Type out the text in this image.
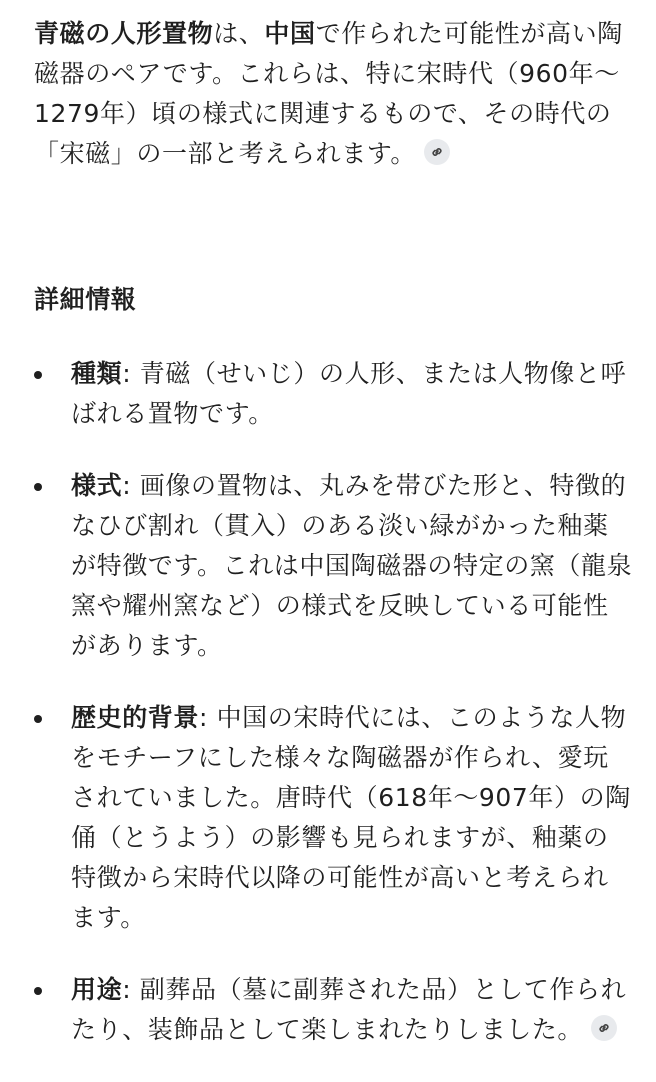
青磁の人形置物は、中国で作られた可能性が高い陶磁器のペアです。これらは、特に宋時代（960年〜1279年）頃の様式に関連するもので、その時代の「宋磁」の一部と考えられます。

詳細情報
種類: 青磁（せいじ）の人形、または人物像と呼ばれる置物です。
様式: 画像の置物は、丸みを帯びた形と、特徴的なひび割れ（貫入）のある淡い緑がかった釉薬が特徴です。これは中国陶磁器の特定の窯（龍泉窯や耀州窯など）の様式を反映している可能性があります。
歴史的背景: 中国の宋時代には、このような人物をモチーフにした様々な陶磁器が作られ、愛玩されていました。唐時代（618年〜907年）の陶俑（とうよう）の影響も見られますが、釉薬の特徴から宋時代以降の可能性が高いと考えられます。
用途: 副葬品（墓に副葬された品）として作られたり、装飾品として楽しまれたりしました。
